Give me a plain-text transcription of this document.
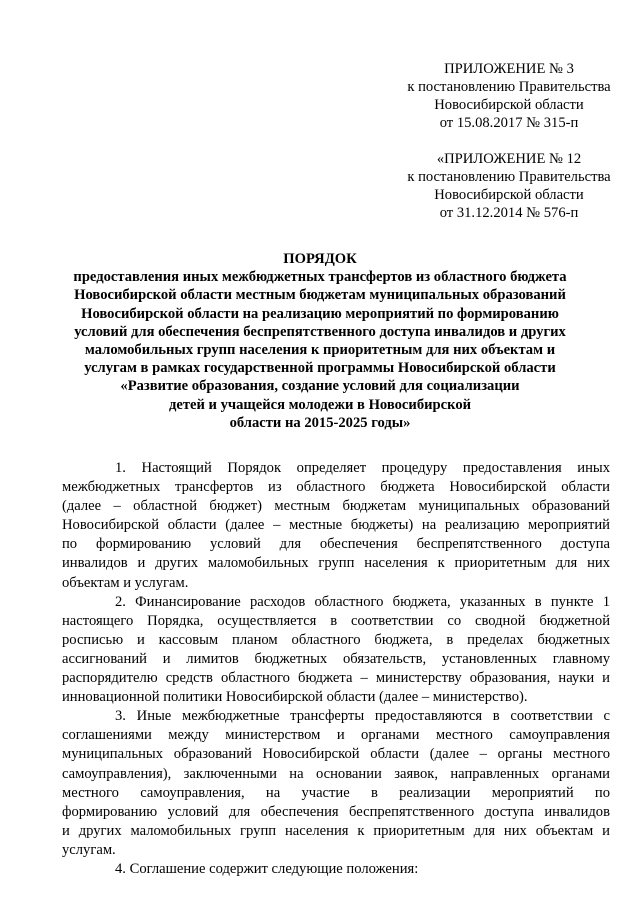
ПРИЛОЖЕНИЕ № 3
к постановлению Правительства
Новосибирской области
от 15.08.2017 № 315-п
«ПРИЛОЖЕНИЕ № 12
к постановлению Правительства
Новосибирской области
от 31.12.2014 № 576-п
ПОРЯДОК
предоставления иных межбюджетных трансфертов из областного бюджета
Новосибирской области местным бюджетам муниципальных образований
Новосибирской области на реализацию мероприятий по формированию
условий для обеспечения беспрепятственного доступа инвалидов и других
маломобильных групп населения к приоритетным для них объектам и
услугам в рамках государственной программы Новосибирской области
«Развитие образования, создание условий для социализации
детей и учащейся молодежи в Новосибирской
области на 2015-2025 годы»
1. Настоящий Порядок определяет процедуру предоставления иных
межбюджетных трансфертов из областного бюджета Новосибирской области
(далее – областной бюджет) местным бюджетам муниципальных образований
Новосибирской области (далее – местные бюджеты) на реализацию мероприятий
по формированию условий для обеспечения беспрепятственного доступа
инвалидов и других маломобильных групп населения к приоритетным для них
объектам и услугам.
2. Финансирование расходов областного бюджета, указанных в пункте 1
настоящего Порядка, осуществляется в соответствии со сводной бюджетной
росписью и кассовым планом областного бюджета, в пределах бюджетных
ассигнований и лимитов бюджетных обязательств, установленных главному
распорядителю средств областного бюджета – министерству образования, науки и
инновационной политики Новосибирской области (далее – министерство).
3. Иные межбюджетные трансферты предоставляются в соответствии с
соглашениями между министерством и органами местного самоуправления
муниципальных образований Новосибирской области (далее – органы местного
самоуправления), заключенными на основании заявок, направленных органами
местного самоуправления, на участие в реализации мероприятий по
формированию условий для обеспечения беспрепятственного доступа инвалидов
и других маломобильных групп населения к приоритетным для них объектам и
услугам.
4. Соглашение содержит следующие положения:
